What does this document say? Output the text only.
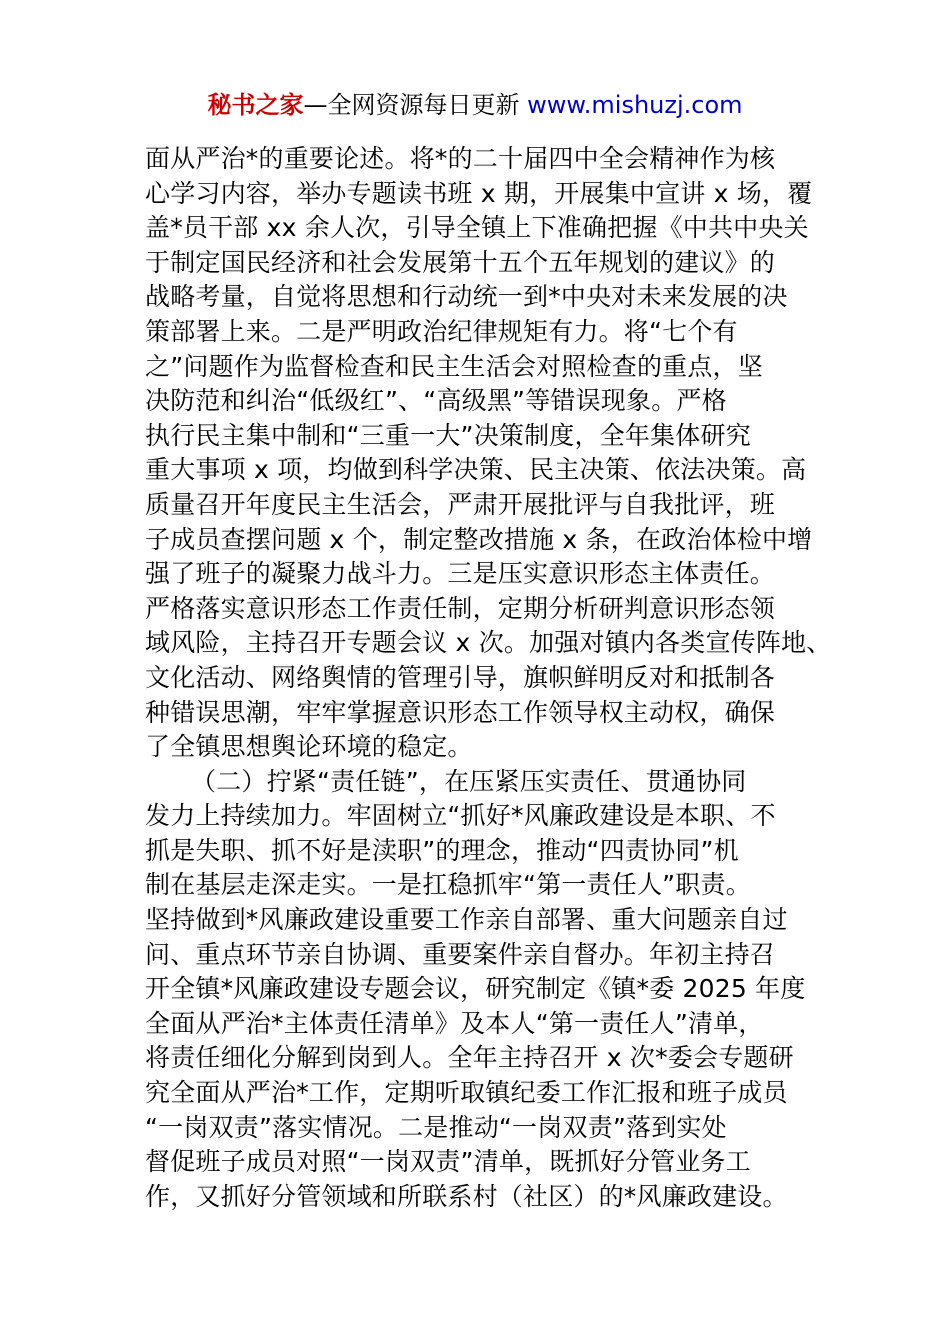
秘书之家—全网资源每日更新 www.mishuzj.com
面从严治*的重要论述。将*的二十届四中全会精神作为核
心学习内容，举办专题读书班 x 期，开展集中宣讲 x 场，覆
盖*员干部 xx 余人次，引导全镇上下准确把握《中共中央关
于制定国民经济和社会发展第十五个五年规划的建议》的
战略考量，自觉将思想和行动统一到*中央对未来发展的决
策部署上来。二是严明政治纪律规矩有力。将“七个有
之”问题作为监督检查和民主生活会对照检查的重点，坚
决防范和纠治“低级红”、“高级黑”等错误现象。严格
执行民主集中制和“三重一大”决策制度，全年集体研究
重大事项 x 项，均做到科学决策、民主决策、依法决策。高
质量召开年度民主生活会，严肃开展批评与自我批评，班
子成员查摆问题 x 个，制定整改措施 x 条，在政治体检中增
强了班子的凝聚力战斗力。三是压实意识形态主体责任。
严格落实意识形态工作责任制，定期分析研判意识形态领
域风险，主持召开专题会议 x 次。加强对镇内各类宣传阵地、
文化活动、网络舆情的管理引导，旗帜鲜明反对和抵制各
种错误思潮，牢牢掌握意识形态工作领导权主动权，确保
了全镇思想舆论环境的稳定。
（二）拧紧“责任链”，在压紧压实责任、贯通协同
发力上持续加力。牢固树立“抓好*风廉政建设是本职、不
抓是失职、抓不好是渎职”的理念，推动“四责协同”机
制在基层走深走实。一是扛稳抓牢“第一责任人”职责。
坚持做到*风廉政建设重要工作亲自部署、重大问题亲自过
问、重点环节亲自协调、重要案件亲自督办。年初主持召
开全镇*风廉政建设专题会议，研究制定《镇*委 2025 年度
全面从严治*主体责任清单》及本人“第一责任人”清单，
将责任细化分解到岗到人。全年主持召开 x 次*委会专题研
究全面从严治*工作，定期听取镇纪委工作汇报和班子成员
“一岗双责”落实情况。二是推动“一岗双责”落到实处
督促班子成员对照“一岗双责”清单，既抓好分管业务工
作，又抓好分管领域和所联系村（社区）的*风廉政建设。
